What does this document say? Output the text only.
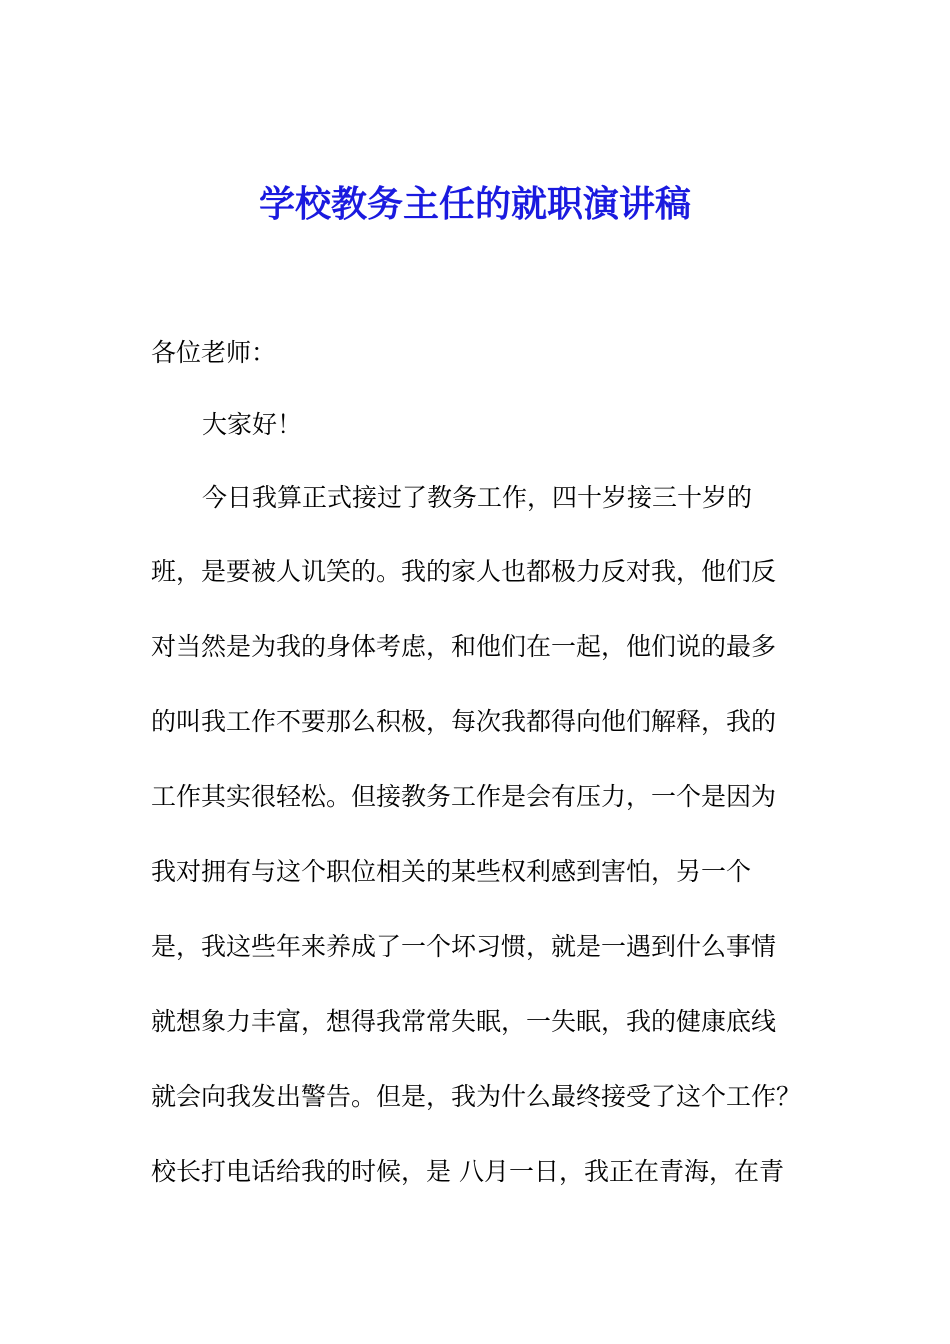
学校教务主任的就职演讲稿

各位老师：

大家好！

今日我算正式接过了教务工作，四十岁接三十岁的

班，是要被人讥笑的。我的家人也都极力反对我，他们反

对当然是为我的身体考虑，和他们在一起，他们说的最多

的叫我工作不要那么积极，每次我都得向他们解释，我的

工作其实很轻松。但接教务工作是会有压力，一个是因为

我对拥有与这个职位相关的某些权利感到害怕，另一个

是，我这些年来养成了一个坏习惯，就是一遇到什么事情

就想象力丰富，想得我常常失眠，一失眠，我的健康底线

就会向我发出警告。但是，我为什么最终接受了这个工作？

校长打电话给我的时候，是 八月一日，我正在青海，在青
